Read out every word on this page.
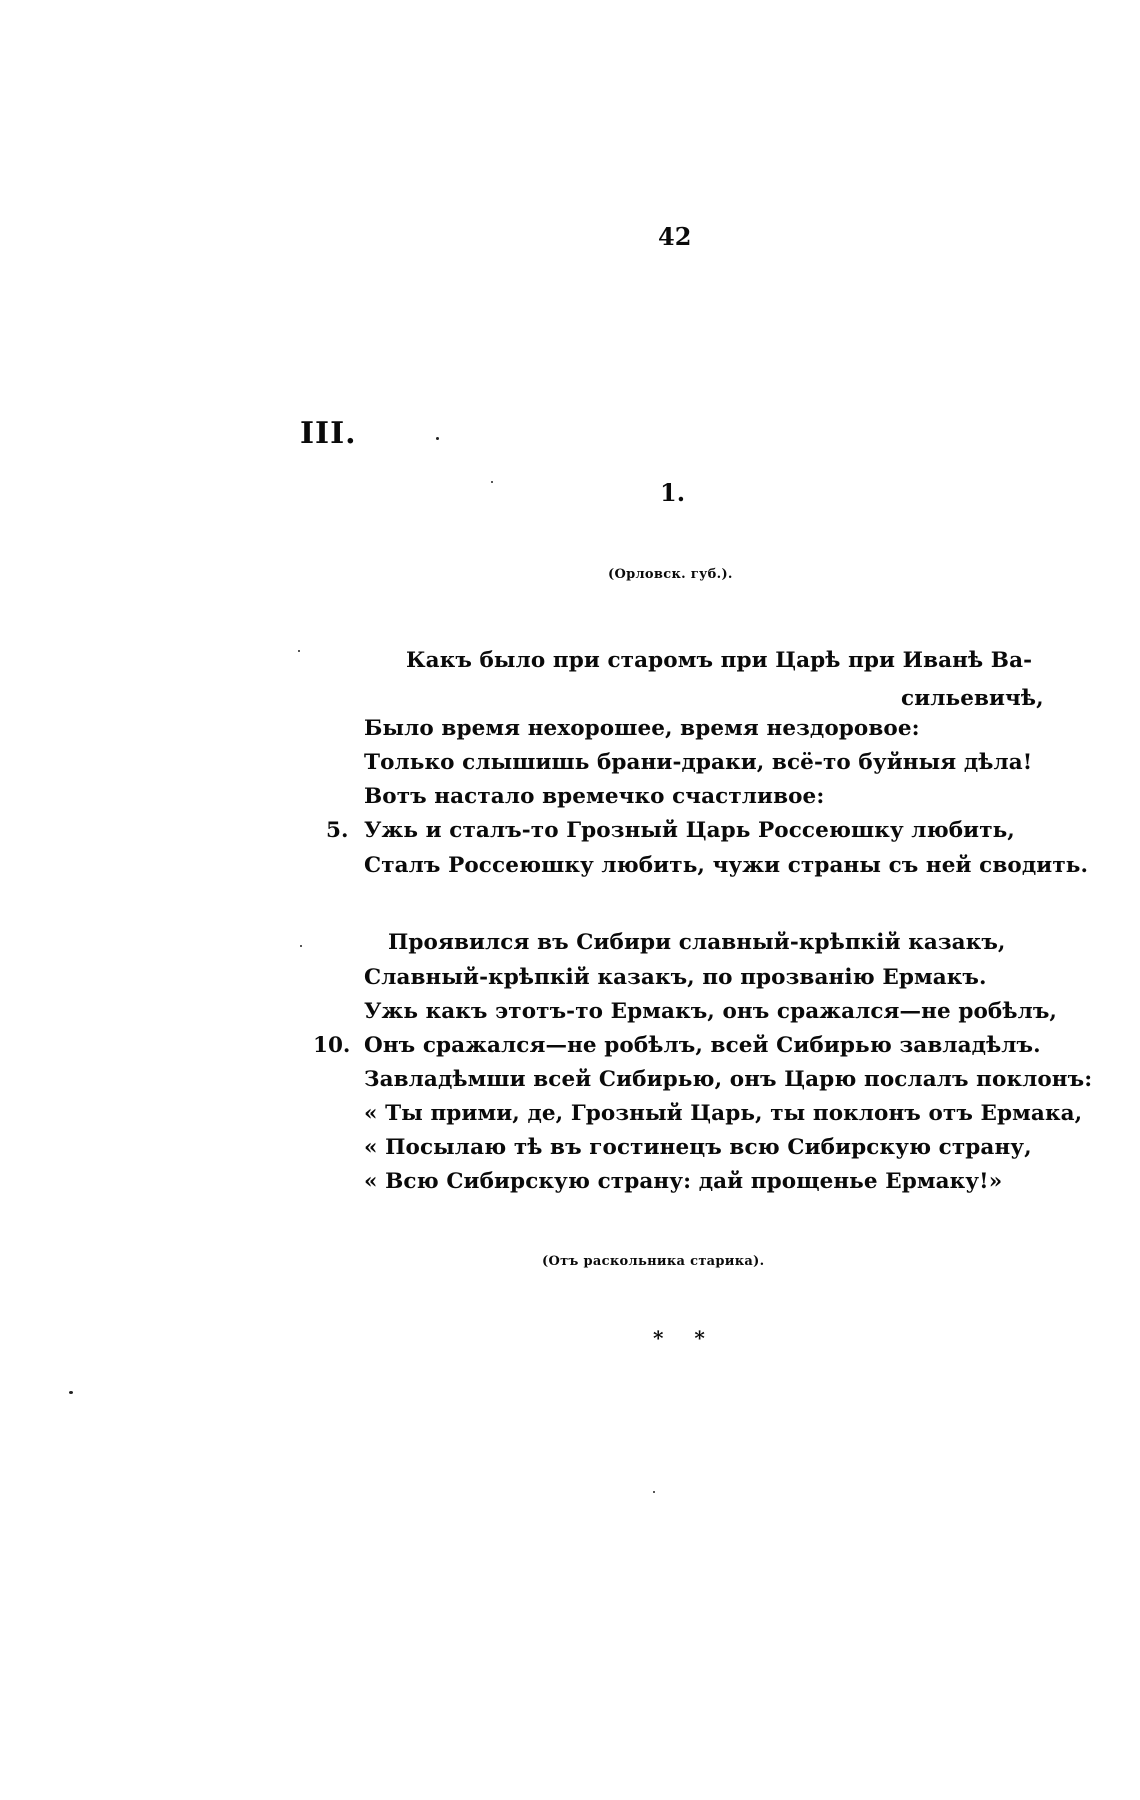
42
III.
1.
(Орловск. губ.).
Какъ было при старомъ при Царѣ при Иванѣ Ва-
сильевичѣ,
Было время нехорошее, время нездоровое:
Только слышишь брани-драки, всё-то буйныя дѣла!
Вотъ настало времечко счастливое:
5. Ужь и сталъ-то Грозный Царь Россеюшку любить,
Сталъ Россеюшку любить, чужи страны съ ней сводить.
Проявился въ Сибири славный-крѣпкій казакъ,
Славный-крѣпкій казакъ, по прозванію Ермакъ.
Ужь какъ этотъ-то Ермакъ, онъ сражался—не робѣлъ,
10. Онъ сражался—не робѣлъ, всей Сибирью завладѣлъ.
Завладѣмши всей Сибирью, онъ Царю послалъ поклонъ:
« Ты прими, де, Грозный Царь, ты поклонъ отъ Ермака,
« Посылаю тѣ въ гостинецъ всю Сибирскую страну,
« Всю Сибирскую страну: дай прощенье Ермаку!»
(Отъ раскольника старика).
* *
